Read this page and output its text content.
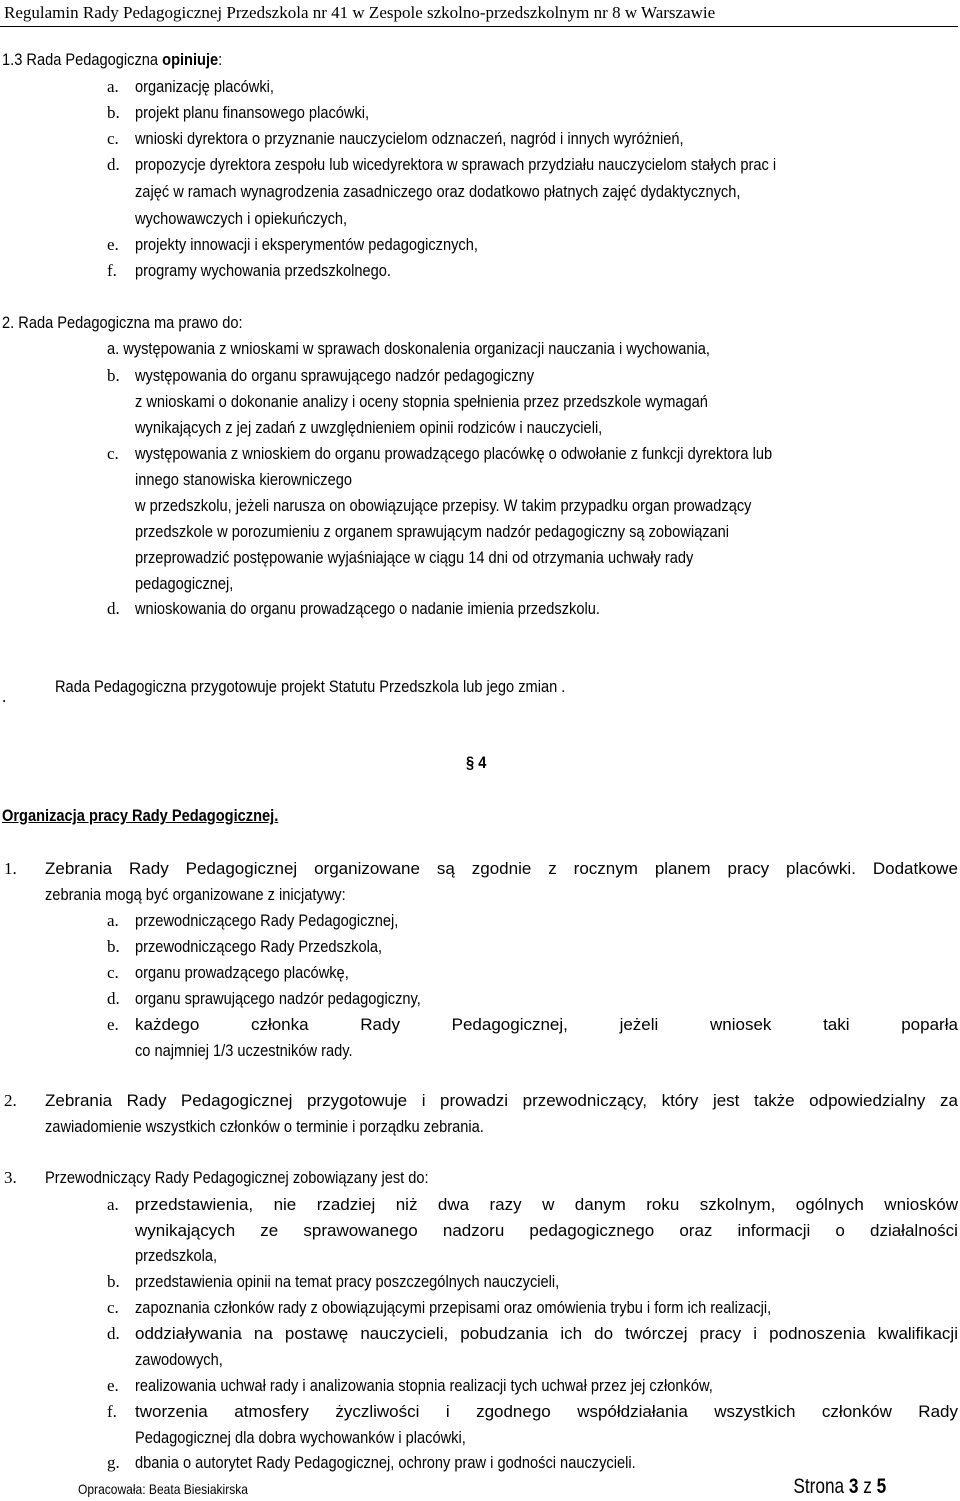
Regulamin Rady Pedagogicznej Przedszkola nr 41 w Zespole szkolno-przedszkolnym nr 8 w Warszawie
1.3 Rada Pedagogiczna opiniuje:
a. organizację placówki,
b. projekt planu finansowego placówki,
c. wnioski dyrektora o przyznanie nauczycielom odznaczeń, nagród i innych wyróżnień,
d. propozycje dyrektora zespołu lub wicedyrektora w sprawach przydziału nauczycielom stałych prac i
zajęć w ramach wynagrodzenia zasadniczego oraz dodatkowo płatnych zajęć dydaktycznych,
wychowawczych i opiekuńczych,
e. projekty innowacji i eksperymentów pedagogicznych,
f. programy wychowania przedszkolnego.
2. Rada Pedagogiczna ma prawo do:
a. występowania z wnioskami w sprawach doskonalenia organizacji nauczania i wychowania,
b. występowania do organu sprawującego nadzór pedagogiczny
z wnioskami o dokonanie analizy i oceny stopnia spełnienia przez przedszkole wymagań
wynikających z jej zadań z uwzględnieniem opinii rodziców i nauczycieli,
c. występowania z wnioskiem do organu prowadzącego placówkę o odwołanie z funkcji dyrektora lub
innego stanowiska kierowniczego
w przedszkolu, jeżeli narusza on obowiązujące przepisy. W takim przypadku organ prowadzący
przedszkole w porozumieniu z organem sprawującym nadzór pedagogiczny są zobowiązani
przeprowadzić postępowanie wyjaśniające w ciągu 14 dni od otrzymania uchwały rady
pedagogicznej,
d. wnioskowania do organu prowadzącego o nadanie imienia przedszkolu.
.
Rada Pedagogiczna przygotowuje projekt Statutu Przedszkola lub jego zmian .
§ 4
Organizacja pracy Rady Pedagogicznej.
1. Zebrania Rady Pedagogicznej organizowane są zgodnie z rocznym planem pracy placówki. Dodatkowe
zebrania mogą być organizowane z inicjatywy:
a. przewodniczącego Rady Pedagogicznej,
b. przewodniczącego Rady Przedszkola,
c. organu prowadzącego placówkę,
d. organu sprawującego nadzór pedagogiczny,
e. każdego	członka	Rady	Pedagogicznej,	jeżeli	wniosek	taki	poparła
co najmniej 1/3 uczestników rady.
2. Zebrania Rady Pedagogicznej przygotowuje i prowadzi przewodniczący, który jest także odpowiedzialny za
zawiadomienie wszystkich członków o terminie i porządku zebrania.
3. Przewodniczący Rady Pedagogicznej zobowiązany jest do:
a. przedstawienia, nie rzadziej niż dwa razy w danym roku szkolnym, ogólnych wniosków
wynikających ze sprawowanego nadzoru pedagogicznego oraz informacji o działalności
przedszkola,
b. przedstawienia opinii na temat pracy poszczególnych nauczycieli,
c. zapoznania członków rady z obowiązującymi przepisami oraz omówienia trybu i form ich realizacji,
d. oddziaływania na postawę nauczycieli, pobudzania ich do twórczej pracy i podnoszenia kwalifikacji
zawodowych,
e. realizowania uchwał rady i analizowania stopnia realizacji tych uchwał przez jej członków,
f. tworzenia atmosfery życzliwości i zgodnego współdziałania wszystkich członków Rady
Pedagogicznej dla dobra wychowanków i placówki,
g. dbania o autorytet Rady Pedagogicznej, ochrony praw i godności nauczycieli.
Opracowała: Beata Biesiakirska	Strona 3 z 5
